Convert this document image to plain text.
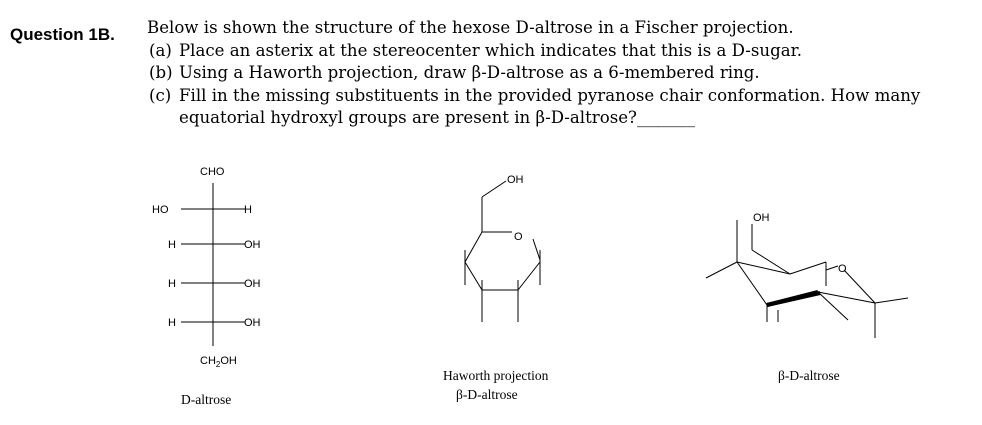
Question 1B. Below is shown the structure of the hexose D-altrose in a Fischer projection.
(a) Place an asterix at the stereocenter which indicates that this is a D-sugar.
(b) Using a Haworth projection, draw β-D-altrose as a 6-membered ring.
(c) Fill in the missing substituents in the provided pyranose chair conformation. How many
equatorial hydroxyl groups are present in β-D-altrose?_______
CHO
HO	H
H	OH
H	OH
H	OH
$CH_2OH$
D-altrose
OH
O
Haworth projection
β-D-altrose
OH
O
β-D-altrose
